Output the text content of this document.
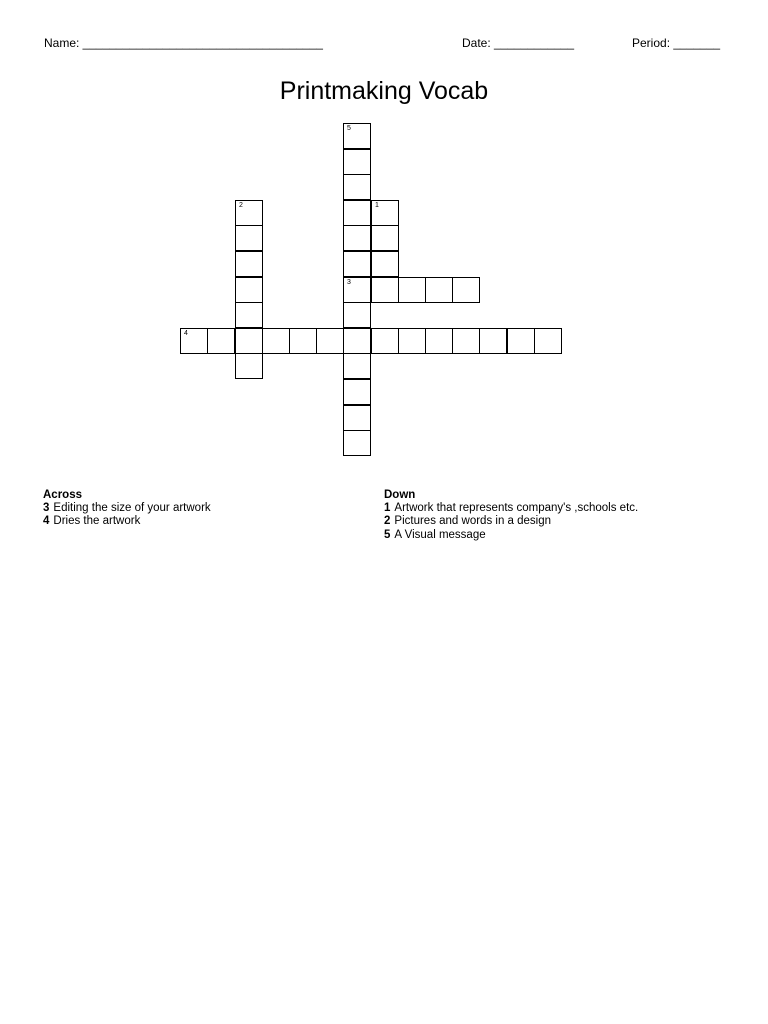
Name: ____________________________________	Date: ____________	Period: _______
Printmaking Vocab
1
2
3
4
5
Across
3 Editing the size of your artwork
4 Dries the artwork
Down
1 Artwork that represents company's ,schools etc.
2 Pictures and words in a design
5 A Visual message
